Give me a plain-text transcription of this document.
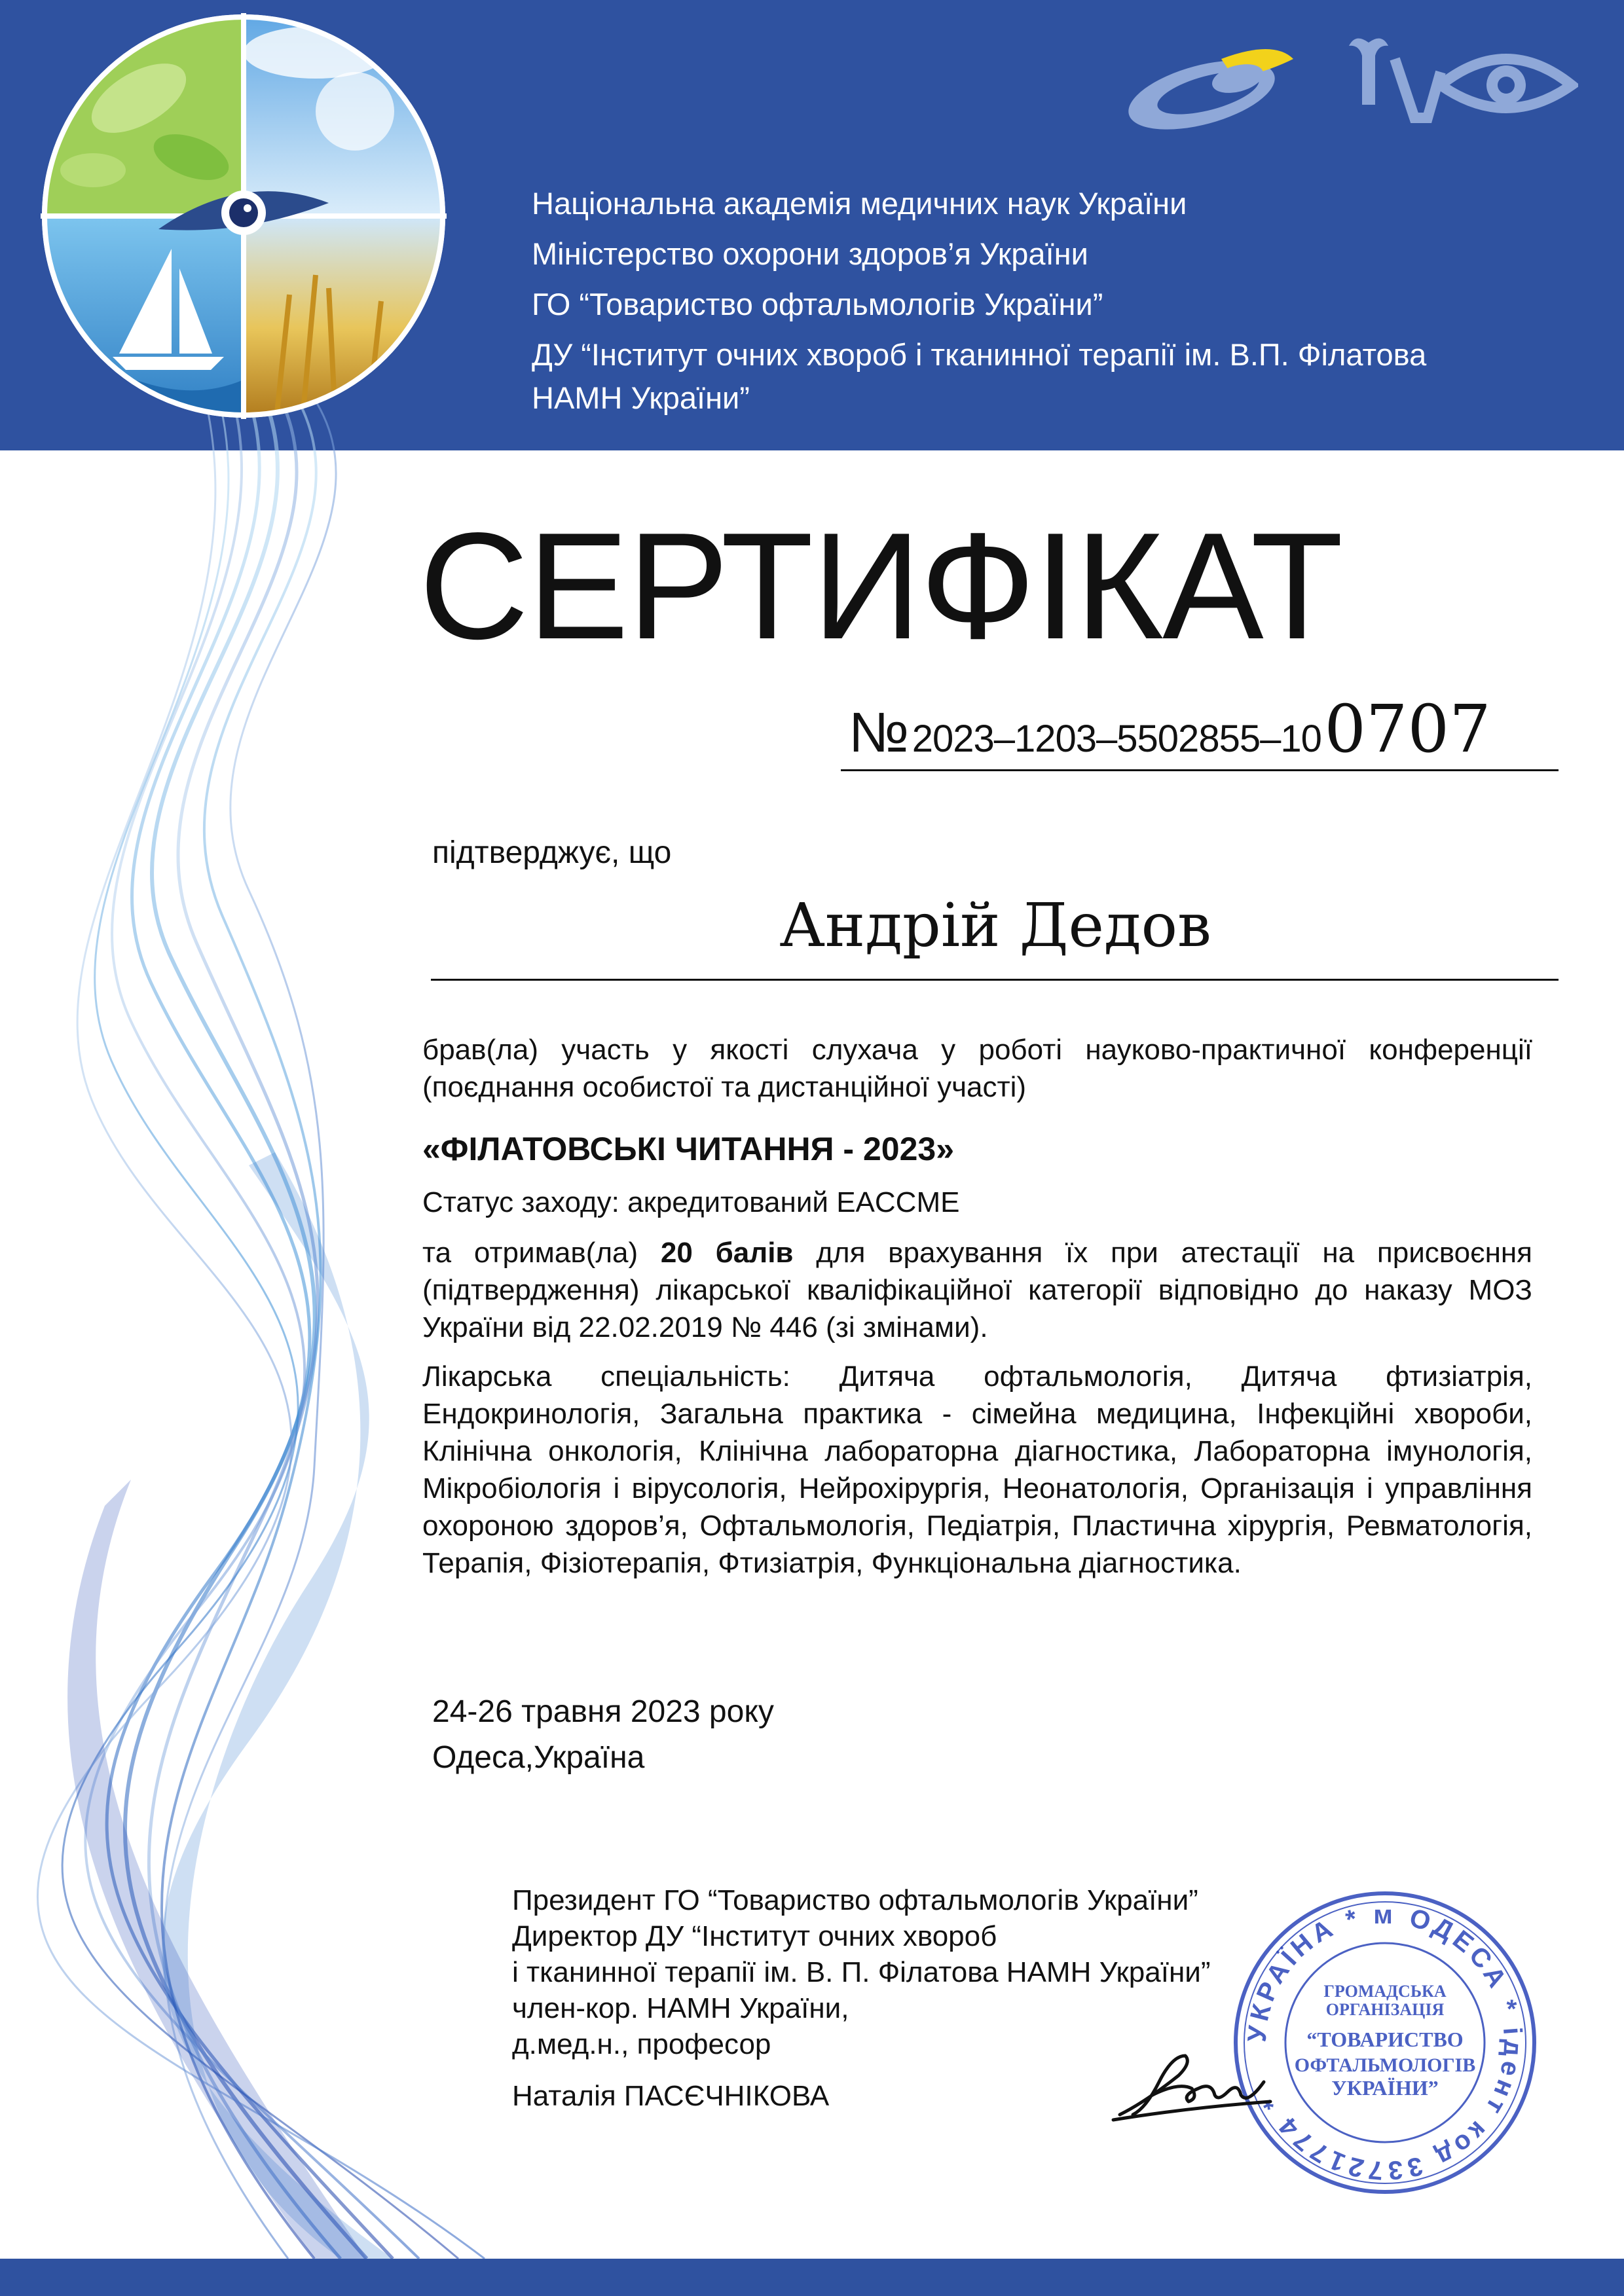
Національна академія медичних наук України
Міністерство охорони здоров’я України
ГО “Товариство офтальмологів України”
ДУ “Інститут очних хвороб і тканинної терапії ім. В.П. Філатова
НАМН України”
СЕРТИФІКАТ
№ 2023–1203–5502855–10 0707
підтверджує, що
Андрій Дедов

брав(ла) участь у якості слухача у роботі науково-практичної конференції (поєднання особистої та дистанційної участі)

«ФІЛАТОВСЬКІ ЧИТАННЯ - 2023»

Статус заходу: акредитований EACCME

та отримав(ла) 20 балів для врахування їх при атестації на присвоєння (підтвердження) лікарської кваліфікаційної категорії відповідно до наказу МОЗ України від 22.02.2019 № 446 (зі змінами).

Лікарська спеціальність: Дитяча офтальмологія, Дитяча фтизіатрія, Ендокринологія, Загальна практика - сімейна медицина, Інфекційні хвороби, Клінічна онкологія, Клінічна лабораторна діагностика, Лабораторна імунологія, Мікробіологія і вірусологія, Нейрохірургія, Неонатологія, Організація і управління охороною здоров’я, Офтальмологія, Педіатрія, Пластична хірургія, Ревматологія, Терапія, Фізіотерапія, Фтизіатрія, Функціональна діагностика.

24-26 травня 2023 року
Одеса,Україна
Президент ГО “Товариство офтальмологів України”
Директор ДУ “Інститут очних хвороб
і тканинної терапії ім. В. П. Філатова НАМН України”
член-кор. НАМН України,
д.мед.н., професор
Наталія ПАСЄЧНІКОВА
УКРАЇНА * м ОДЕСА * ідент код 33721774 *
ГРОМАДСЬКА
ОРГАНІЗАЦІЯ
“ТОВАРИСТВО
ОФТАЛЬМОЛОГІВ
УКРАЇНИ”
